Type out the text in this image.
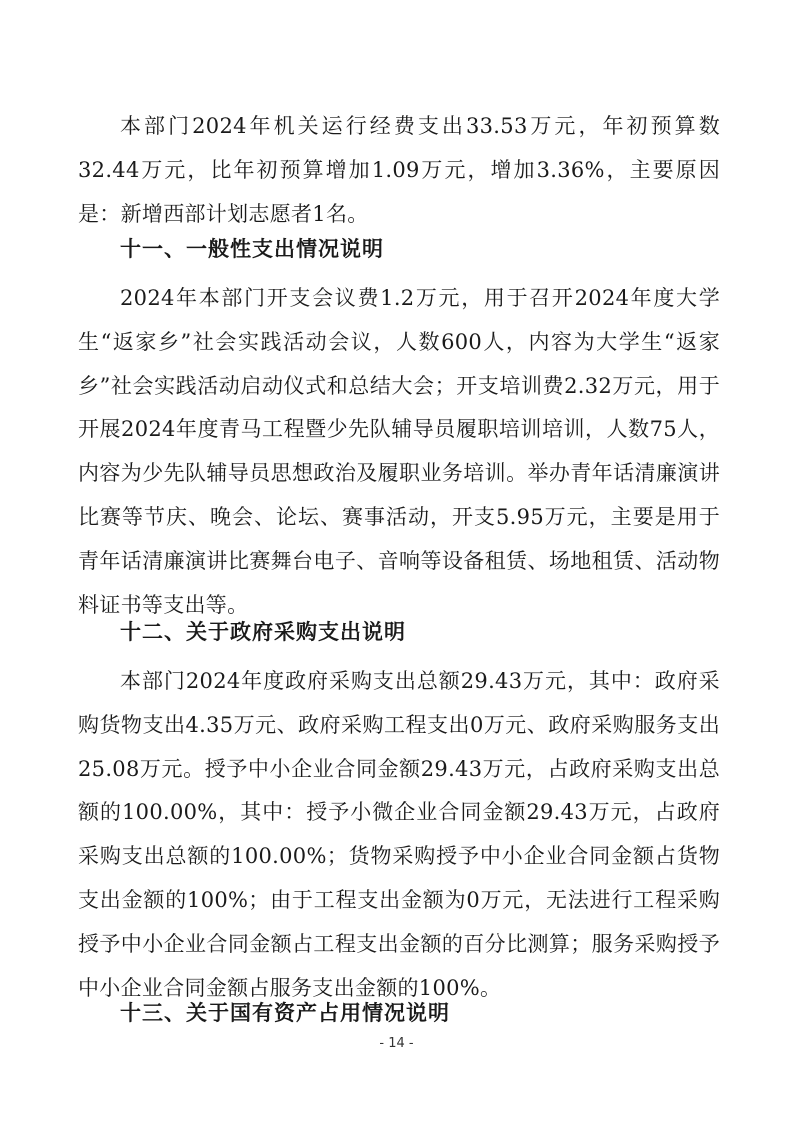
本部门2024年机关运行经费支出33.53万元，年初预算数32.44万元，比年初预算增加1.09万元，增加3.36%，主要原因是：新增西部计划志愿者1名。

十一、一般性支出情况说明

2024年本部门开支会议费1.2万元，用于召开2024年度大学生“返家乡”社会实践活动会议，人数600人，内容为大学生“返家乡”社会实践活动启动仪式和总结大会；开支培训费2.32万元，用于开展2024年度青马工程暨少先队辅导员履职培训培训，人数75人，内容为少先队辅导员思想政治及履职业务培训。举办青年话清廉演讲比赛等节庆、晚会、论坛、赛事活动，开支5.95万元，主要是用于青年话清廉演讲比赛舞台电子、音响等设备租赁、场地租赁、活动物料证书等支出等。

十二、关于政府采购支出说明

本部门2024年度政府采购支出总额29.43万元，其中：政府采购货物支出4.35万元、政府采购工程支出0万元、政府采购服务支出25.08万元。授予中小企业合同金额29.43万元，占政府采购支出总额的100.00%，其中：授予小微企业合同金额29.43万元，占政府采购支出总额的100.00%；货物采购授予中小企业合同金额占货物支出金额的100%；由于工程支出金额为0万元，无法进行工程采购授予中小企业合同金额占工程支出金额的百分比测算；服务采购授予中小企业合同金额占服务支出金额的100%。

十三、关于国有资产占用情况说明
- 14 -
